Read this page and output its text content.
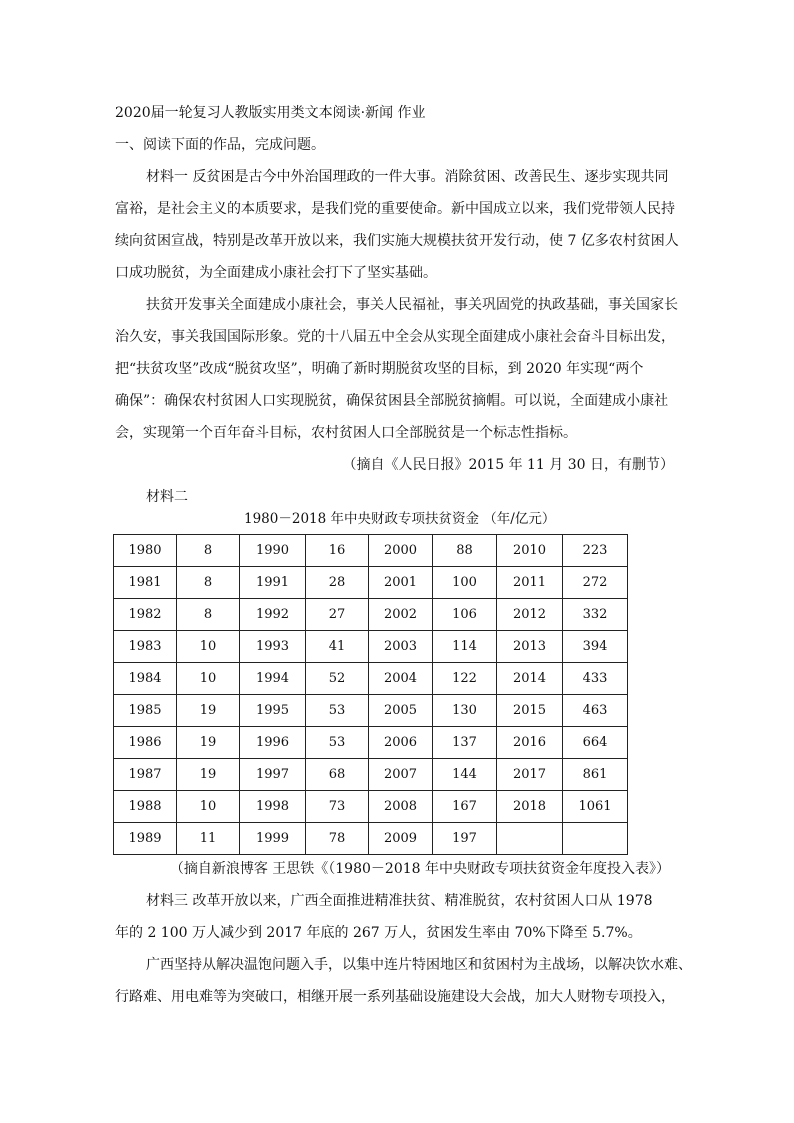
2020届一轮复习人教版实用类文本阅读·新闻 作业
一、阅读下面的作品，完成问题。
材料一 反贫困是古今中外治国理政的一件大事。消除贫困、改善民生、逐步实现共同
富裕，是社会主义的本质要求，是我们党的重要使命。新中国成立以来，我们党带领人民持
续向贫困宣战，特别是改革开放以来，我们实施大规模扶贫开发行动，使 7 亿多农村贫困人
口成功脱贫，为全面建成小康社会打下了坚实基础。
扶贫开发事关全面建成小康社会，事关人民福祉，事关巩固党的执政基础，事关国家长
治久安，事关我国国际形象。党的十八届五中全会从实现全面建成小康社会奋斗目标出发，
把“扶贫攻坚”改成“脱贫攻坚”，明确了新时期脱贫攻坚的目标，到 2020 年实现“两个
确保”：确保农村贫困人口实现脱贫，确保贫困县全部脱贫摘帽。可以说，全面建成小康社
会，实现第一个百年奋斗目标，农村贫困人口全部脱贫是一个标志性指标。
（摘自《人民日报》2015 年 11 月 30 日，有删节）
材料二
1980－2018 年中央财政专项扶贫资金 （年/亿元）
1980	8	1990	16	2000	88	2010	223
1981	8	1991	28	2001	100	2011	272
1982	8	1992	27	2002	106	2012	332
1983	10	1993	41	2003	114	2013	394
1984	10	1994	52	2004	122	2014	433
1985	19	1995	53	2005	130	2015	463
1986	19	1996	53	2006	137	2016	664
1987	19	1997	68	2007	144	2017	861
1988	10	1998	73	2008	167	2018	1061
1989	11	1999	78	2009	197		
（摘自新浪博客 王思铁《（1980－2018 年中央财政专项扶贫资金年度投入表》）
材料三 改革开放以来，广西全面推进精准扶贫、精准脱贫，农村贫困人口从 1978
年的 2 100 万人减少到 2017 年底的 267 万人，贫困发生率由 70%下降至 5.7%。
广西坚持从解决温饱问题入手，以集中连片特困地区和贫困村为主战场，以解决饮水难、
行路难、用电难等为突破口，相继开展一系列基础设施建设大会战，加大人财物专项投入，
